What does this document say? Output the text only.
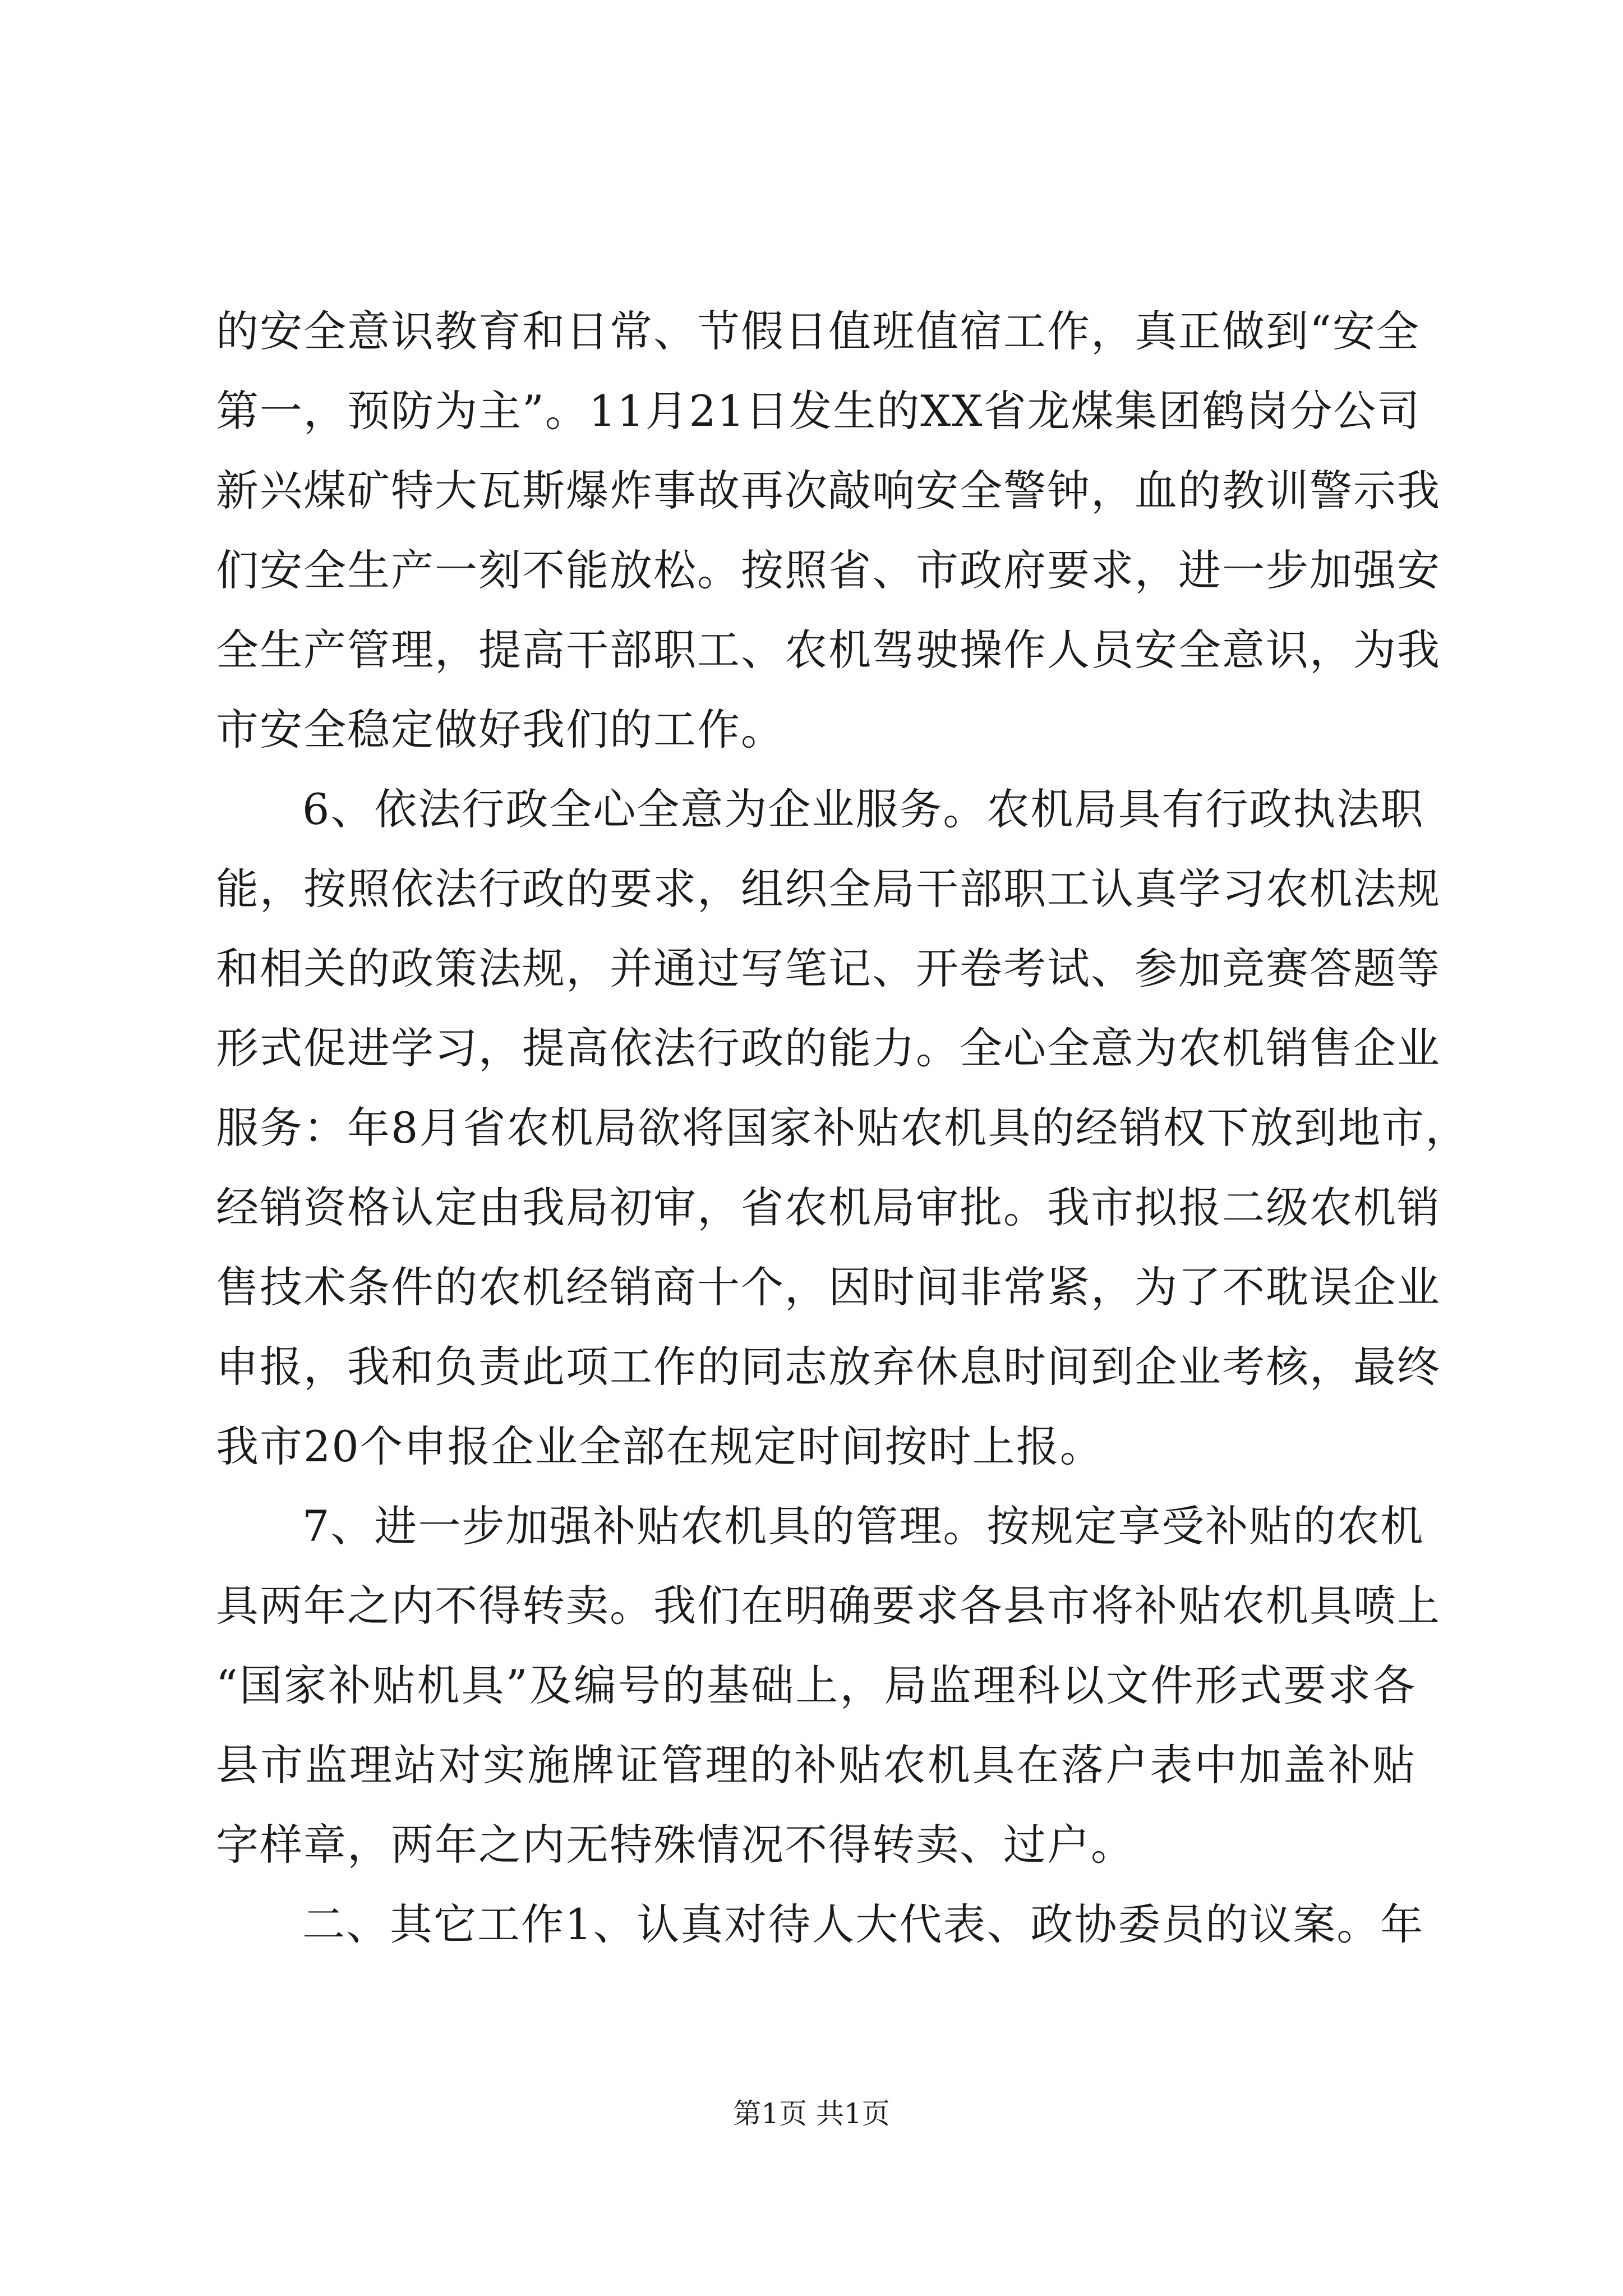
的安全意识教育和日常、节假日值班值宿工作，真正做到“安全
第一，预防为主”。11月21日发生的XX省龙煤集团鹤岗分公司
新兴煤矿特大瓦斯爆炸事故再次敲响安全警钟，血的教训警示我
们安全生产一刻不能放松。按照省、市政府要求，进一步加强安
全生产管理，提高干部职工、农机驾驶操作人员安全意识，为我
市安全稳定做好我们的工作。
6、依法行政全心全意为企业服务。农机局具有行政执法职
能，按照依法行政的要求，组织全局干部职工认真学习农机法规
和相关的政策法规，并通过写笔记、开卷考试、参加竞赛答题等
形式促进学习，提高依法行政的能力。全心全意为农机销售企业
服务：年8月省农机局欲将国家补贴农机具的经销权下放到地市，
经销资格认定由我局初审，省农机局审批。我市拟报二级农机销
售技术条件的农机经销商十个，因时间非常紧，为了不耽误企业
申报，我和负责此项工作的同志放弃休息时间到企业考核，最终
我市20个申报企业全部在规定时间按时上报。
7、进一步加强补贴农机具的管理。按规定享受补贴的农机
具两年之内不得转卖。我们在明确要求各县市将补贴农机具喷上
“国家补贴机具”及编号的基础上，局监理科以文件形式要求各
县市监理站对实施牌证管理的补贴农机具在落户表中加盖补贴
字样章，两年之内无特殊情况不得转卖、过户。
二、其它工作1、认真对待人大代表、政协委员的议案。年
第1页 共1页
